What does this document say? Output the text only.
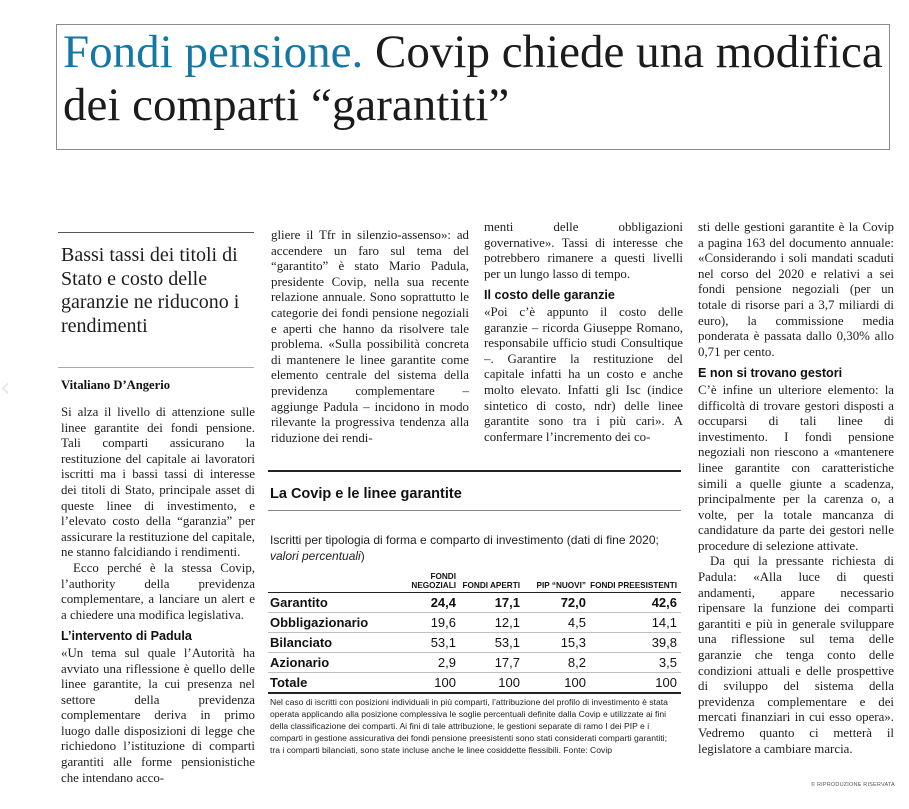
Fondi pensione. Covip chiede una modifica dei comparti “garantiti”
‹
Bassi tassi dei titoli di Stato e costo delle garanzie ne riducono i rendimenti
Vitaliano D’Angerio

Si alza il livello di attenzione sulle linee garantite dei fondi pensione. Tali comparti assicurano la restituzione del capitale ai lavoratori iscritti ma i bassi tassi di interesse dei titoli di Stato, principale asset di queste linee di investimento, e l’elevato costo della “garanzia” per assicurare la restituzione del capitale, ne stanno falcidiando i rendimenti.

Ecco perché è la stessa Covip, l’authority della previdenza complementare, a lanciare un alert e a chiedere una modifica legislativa.

L’intervento di Padula

«Un tema sul quale l’Autorità ha avviato una riflessione è quello delle linee garantite, la cui presenza nel settore della previdenza complementare deriva in primo luogo dalle disposizioni di legge che richiedono l’istituzione di comparti garantiti alle forme pensionistiche che intendano acco-

gliere il Tfr in silenzio-assenso»: ad accendere un faro sul tema del “garantito” è stato Mario Padula, presidente Covip, nella sua recente relazione annuale. Sono soprattutto le categorie dei fondi pensione negoziali e aperti che hanno da risolvere tale problema. «Sulla possibilità concreta di mantenere le linee garantite come elemento centrale del sistema della previdenza complementare – aggiunge Padula – incidono in modo rilevante la progressiva tendenza alla riduzione dei rendi-

menti delle obbligazioni governative». Tassi di interesse che potrebbero rimanere a questi livelli per un lungo lasso di tempo.

Il costo delle garanzie

«Poi c’è appunto il costo delle garanzie – ricorda Giuseppe Romano, responsabile ufficio studi Consultique –. Garantire la restituzione del capitale infatti ha un costo e anche molto elevato. Infatti gli Isc (indice sintetico di costo, ndr) delle linee garantite sono tra i più cari». A confermare l’incremento dei co-

sti delle gestioni garantite è la Covip a pagina 163 del documento annuale: «Considerando i soli mandati scaduti nel corso del 2020 e relativi a sei fondi pensione negoziali (per un totale di risorse pari a 3,7 miliardi di euro), la commissione media ponderata è passata dallo 0,30% allo 0,71 per cento.

E non si trovano gestori

C’è infine un ulteriore elemento: la difficoltà di trovare gestori disposti a occuparsi di tali linee di investimento. I fondi pensione negoziali non riescono a «mantenere linee garantite con caratteristiche simili a quelle giunte a scadenza, principalmente per la carenza o, a volte, per la totale mancanza di candidature da parte dei gestori nelle procedure di selezione attivate.

Da qui la pressante richiesta di Padula: «Alla luce di questi andamenti, appare necessario ripensare la funzione dei comparti garantiti e più in generale sviluppare una riflessione sul tema delle garanzie che tenga conto delle condizioni attuali e delle prospettive di sviluppo del sistema della previdenza complementare e dei mercati finanziari in cui esso opera». Vedremo quanto ci metterà il legislatore a cambiare marcia.

La Covip e le linee garantite
Iscritti per tipologia di forma e comparto di investimento (dati di fine 2020; valori percentuali)
	FONDI NEGOZIALI	FONDI APERTI	PIP “NUOVI”	FONDI PREESISTENTI
Garantito	24,4	17,1	72,0	42,6
Obbligazionario	19,6	12,1	4,5	14,1
Bilanciato	53,1	53,1	15,3	39,8
Azionario	2,9	17,7	8,2	3,5
Totale	100	100	100	100
Nel caso di iscritti con posizioni individuali in più comparti, l’attribuzione del profilo di investimento è stata operata applicando alla posizione complessiva le soglie percentuali definite dalla Covip e utilizzate ai fini della classificazione dei comparti. Ai fini di tale attribuzione, le gestioni separate di ramo I dei PIP e i comparti in gestione assicurativa dei fondi pensione preesistenti sono stati considerati comparti garantiti; tra i comparti bilanciati, sono state incluse anche le linee cosiddette flessibili. Fonte: Covip
© RIPRODUZIONE RISERVATA
